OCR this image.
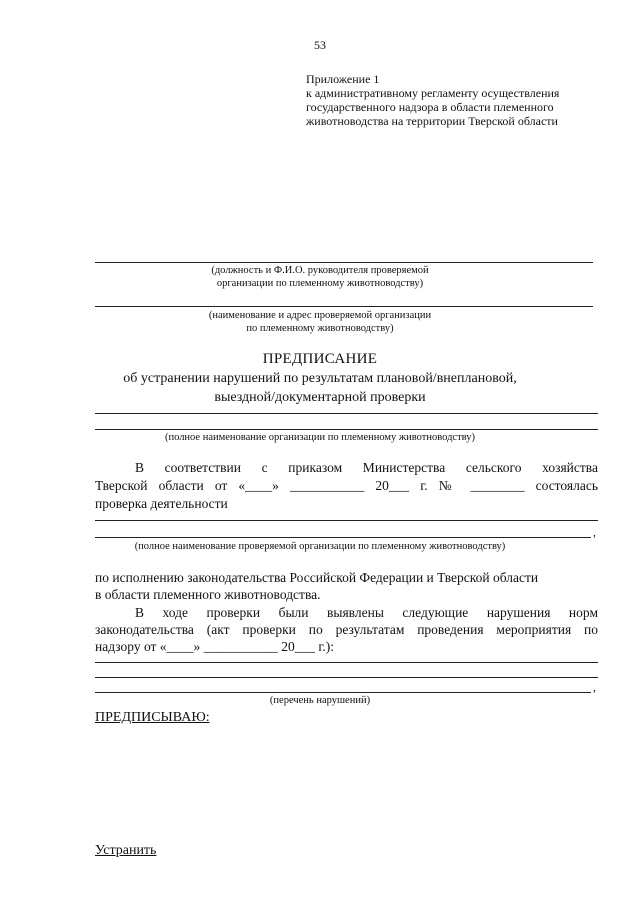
53
Приложение 1
к административному регламенту осуществления
государственного надзора в области племенного
животноводства на территории Тверской области
(должность и Ф.И.О. руководителя проверяемой
организации по племенному животноводству)
(наименование и адрес проверяемой организации
по племенному животноводству)
ПРЕДПИСАНИЕ
об устранении нарушений по результатам плановой/внеплановой,
выездной/документарной проверки
(полное наименование организации по племенному животноводству)
В соответствии с приказом Министерства сельского хозяйства
Тверской области от «____» ___________ 20___ г. № ________ состоялась
проверка деятельности
,
(полное наименование проверяемой организации по племенному животноводству)
по исполнению законодательства Российской Федерации и Тверской области
в области племенного животноводства.
В ходе проверки были выявлены следующие нарушения норм
законодательства (акт проверки по результатам проведения мероприятия по
надзору от «____» ___________ 20___ г.):
,
(перечень нарушений)
ПРЕДПИСЫВАЮ:
Устранить
